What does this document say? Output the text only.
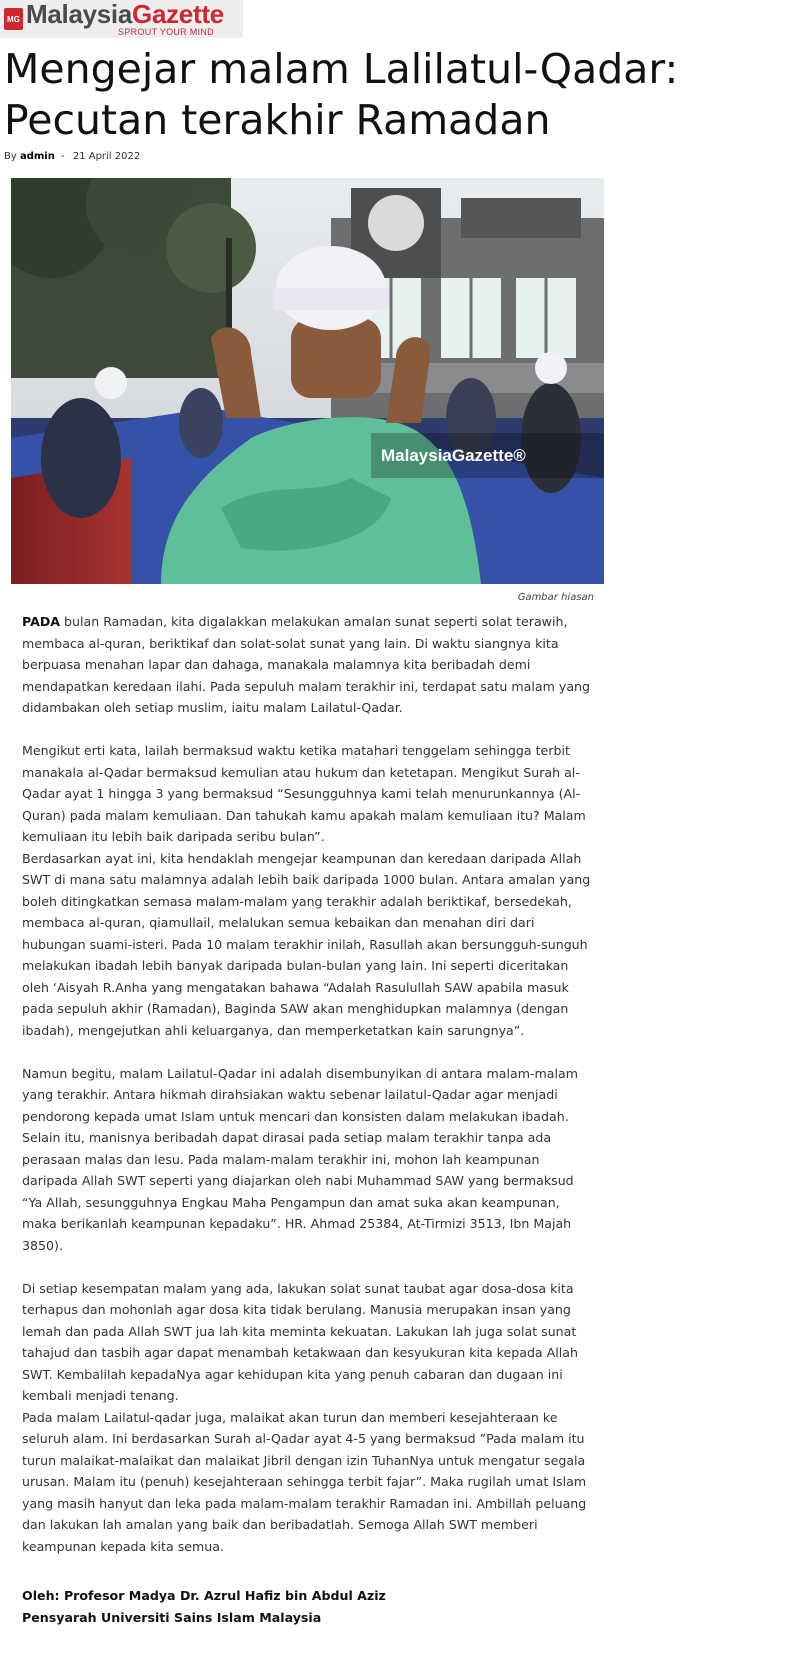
MG MalaysiaGazette
SPROUT YOUR MIND
Mengejar malam Lalilatul-Qadar: Pecutan terakhir Ramadan
By admin - 21 April 2022
MalaysiaGazette®
Gambar hiasan

PADA bulan Ramadan, kita digalakkan melakukan amalan sunat seperti solat terawih, membaca al-quran, beriktikaf dan solat-solat sunat yang lain. Di waktu siangnya kita berpuasa menahan lapar dan dahaga, manakala malamnya kita beribadah demi mendapatkan keredaan ilahi. Pada sepuluh malam terakhir ini, terdapat satu malam yang didambakan oleh setiap muslim, iaitu malam Lailatul-Qadar.

Mengikut erti kata, lailah bermaksud waktu ketika matahari tenggelam sehingga terbit manakala al-Qadar bermaksud kemulian atau hukum dan ketetapan. Mengikut Surah al-Qadar ayat 1 hingga 3 yang bermaksud “Sesungguhnya kami telah menurunkannya (Al-Quran) pada malam kemuliaan. Dan tahukah kamu apakah malam kemuliaan itu? Malam kemuliaan itu lebih baik daripada seribu bulan”.

Berdasarkan ayat ini, kita hendaklah mengejar keampunan dan keredaan daripada Allah SWT di mana satu malamnya adalah lebih baik daripada 1000 bulan. Antara amalan yang boleh ditingkatkan semasa malam-malam yang terakhir adalah beriktikaf, bersedekah, membaca al-quran, qiamullail, melalukan semua kebaikan dan menahan diri dari hubungan suami-isteri. Pada 10 malam terakhir inilah, Rasullah akan bersungguh-sunguh melakukan ibadah lebih banyak daripada bulan-bulan yang lain. Ini seperti diceritakan oleh ‘Aisyah R.Anha yang mengatakan bahawa “Adalah Rasulullah SAW apabila masuk pada sepuluh akhir (Ramadan), Baginda SAW akan menghidupkan malamnya (dengan ibadah), mengejutkan ahli keluarganya, dan memperketatkan kain sarungnya”.

Namun begitu, malam Lailatul-Qadar ini adalah disembunyikan di antara malam-malam yang terakhir. Antara hikmah dirahsiakan waktu sebenar lailatul-Qadar agar menjadi pendorong kepada umat Islam untuk mencari dan konsisten dalam melakukan ibadah. Selain itu, manisnya beribadah dapat dirasai pada setiap malam terakhir tanpa ada perasaan malas dan lesu. Pada malam-malam terakhir ini, mohon lah keampunan daripada Allah SWT seperti yang diajarkan oleh nabi Muhammad SAW yang bermaksud “Ya Allah, sesungguhnya Engkau Maha Pengampun dan amat suka akan keampunan, maka berikanlah keampunan kepadaku”. HR. Ahmad 25384, At-Tirmizi 3513, Ibn Majah 3850).

Di setiap kesempatan malam yang ada, lakukan solat sunat taubat agar dosa-dosa kita terhapus dan mohonlah agar dosa kita tidak berulang. Manusia merupakan insan yang lemah dan pada Allah SWT jua lah kita meminta kekuatan. Lakukan lah juga solat sunat tahajud dan tasbih agar dapat menambah ketakwaan dan kesyukuran kita kepada Allah SWT. Kembalilah kepadaNya agar kehidupan kita yang penuh cabaran dan dugaan ini kembali menjadi tenang.

Pada malam Lailatul-qadar juga, malaikat akan turun dan memberi kesejahteraan ke seluruh alam. Ini berdasarkan Surah al-Qadar ayat 4-5 yang bermaksud ”Pada malam itu turun malaikat-malaikat dan malaikat Jibril dengan izin TuhanNya untuk mengatur segala urusan. Malam itu (penuh) kesejahteraan sehingga terbit fajar”. Maka rugilah umat Islam yang masih hanyut dan leka pada malam-malam terakhir Ramadan ini. Ambillah peluang dan lakukan lah amalan yang baik dan beribadatlah. Semoga Allah SWT memberi keampunan kepada kita semua.

Oleh: Profesor Madya Dr. Azrul Hafiz bin Abdul Aziz
Pensyarah Universiti Sains Islam Malaysia
